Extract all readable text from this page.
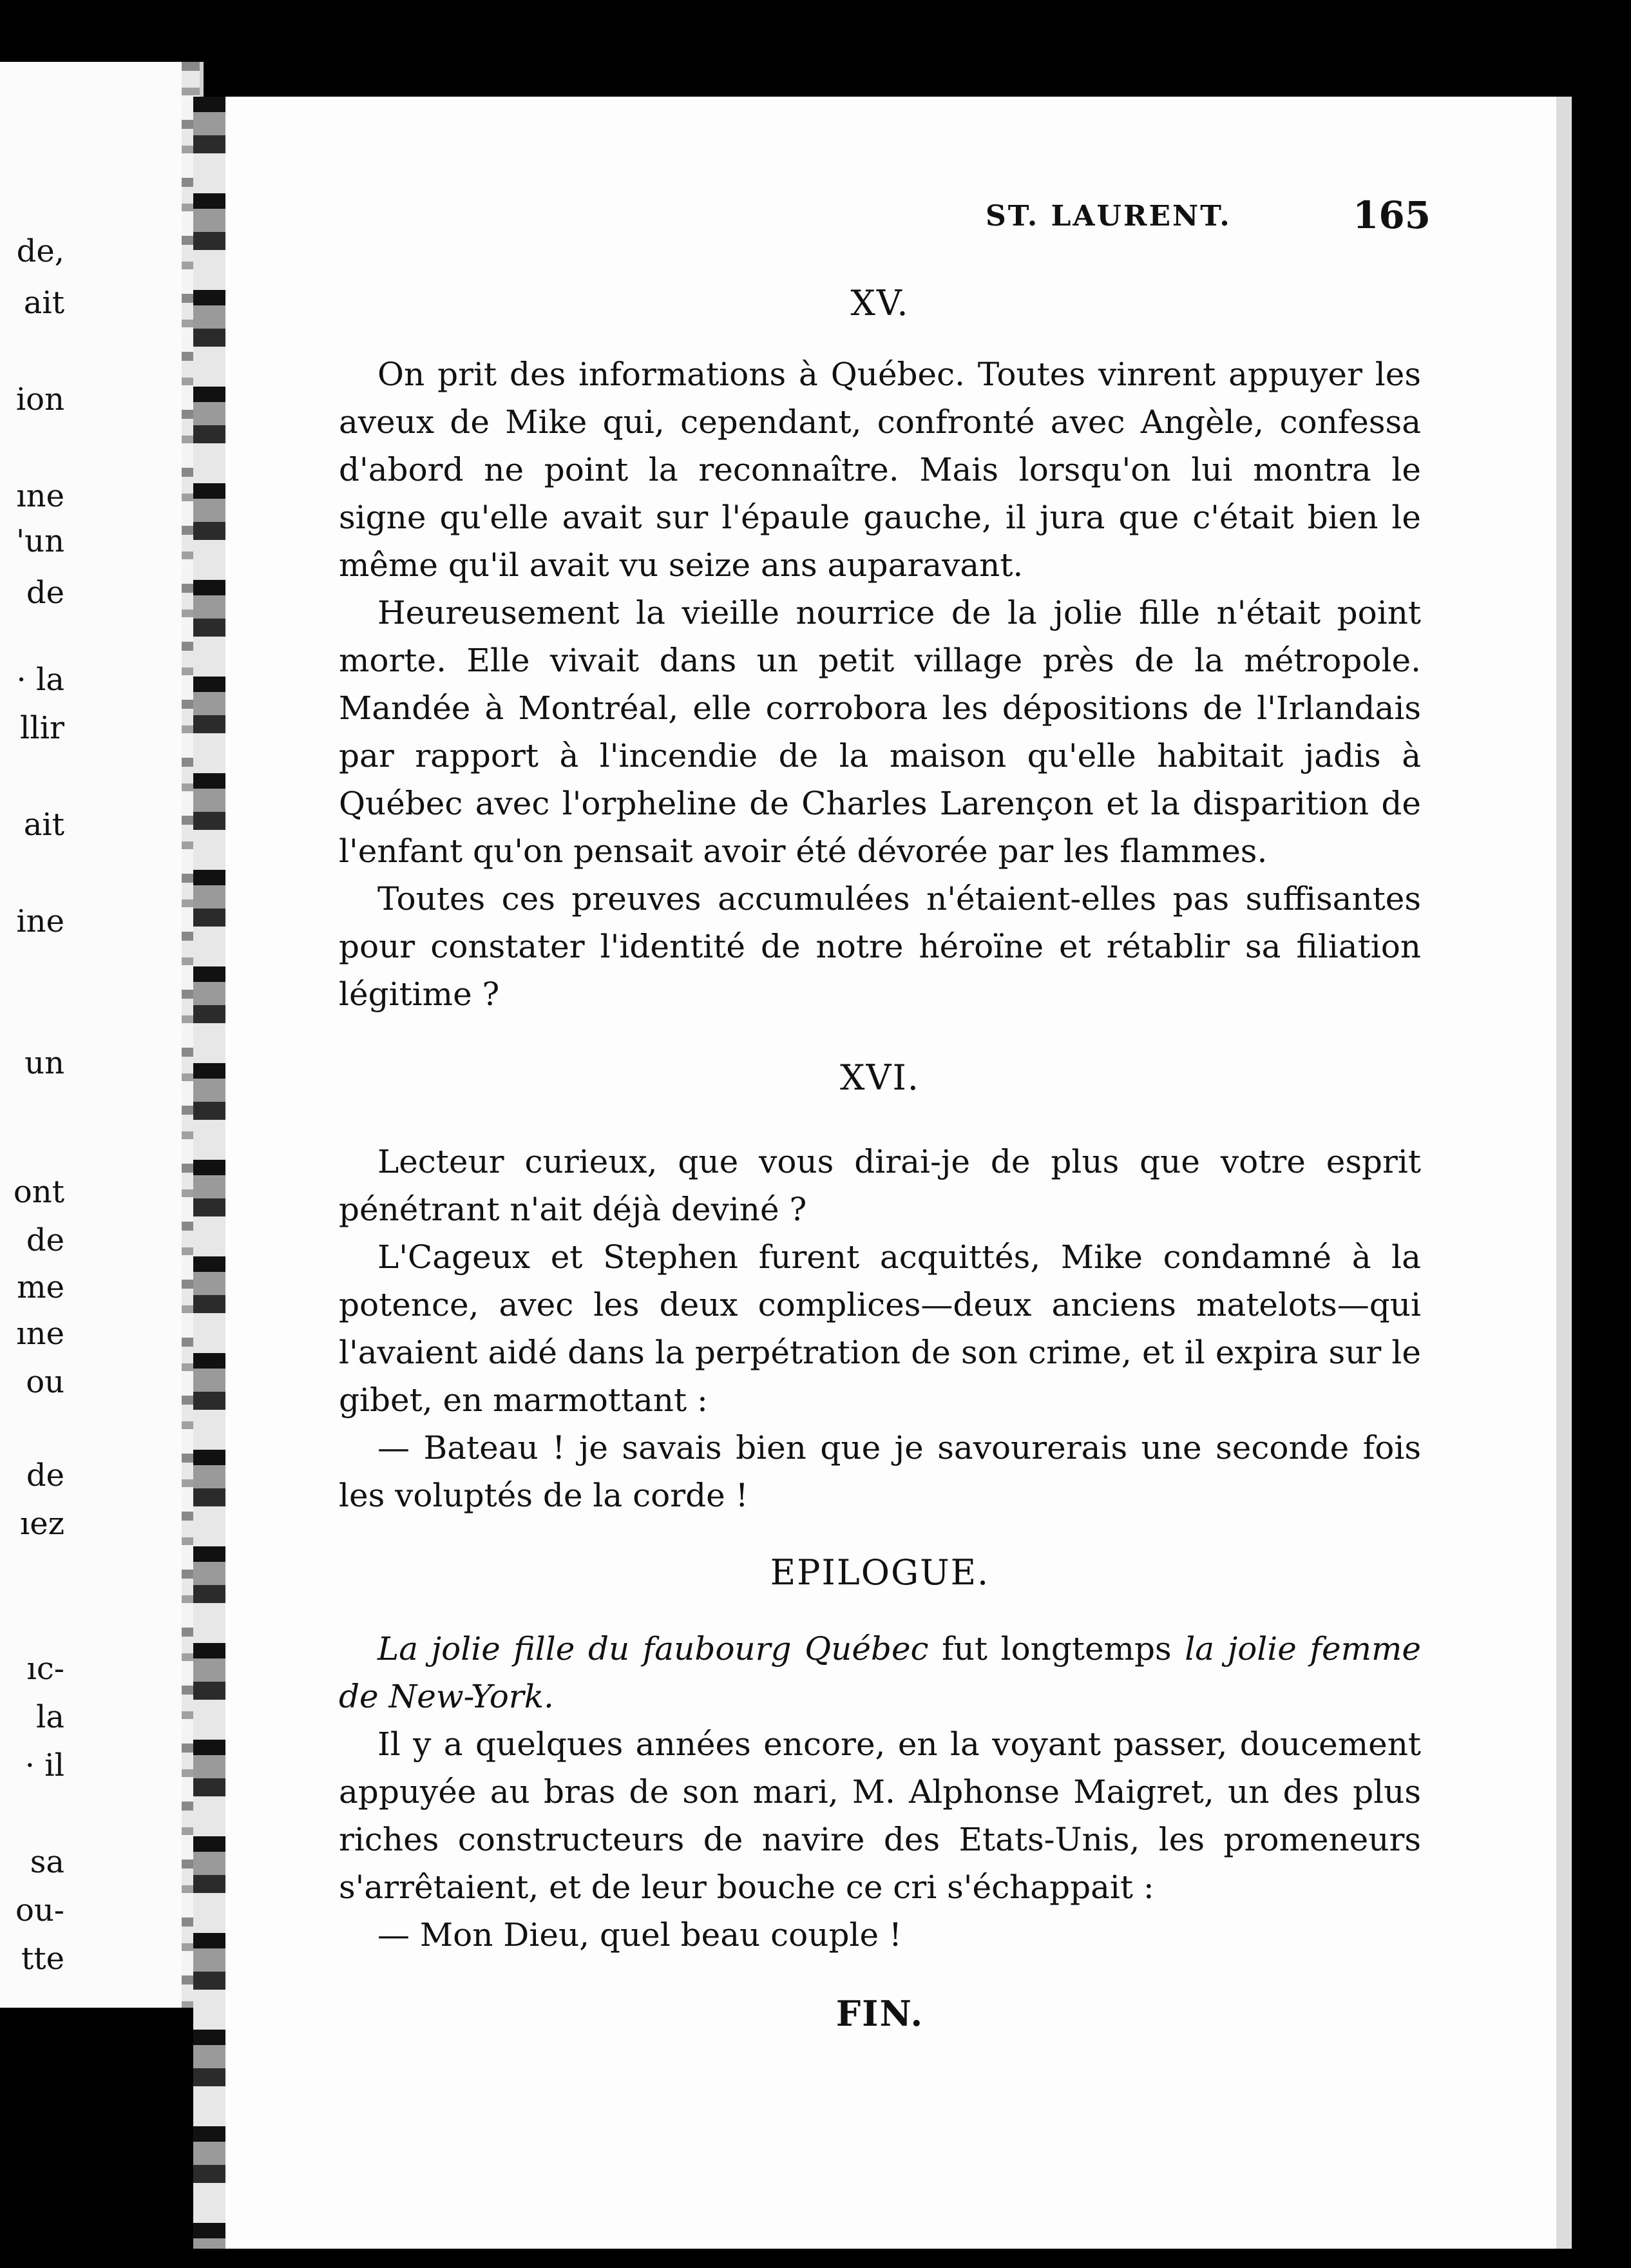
de,
ait
ion
ıne
'un
de
· la
llir
ait
ine
un
ont
de
me
ıne
ou
de
ıez
ıc-
la
· il
sa
ou-
tte
ST. LAURENT.	165
XV.

On prit des informations à Québec. Toutes vinrent appuyer les aveux de Mike qui, cependant, confronté avec Angèle, confessa d'abord ne point la reconnaître. Mais lorsqu'on lui montra le signe qu'elle avait sur l'épaule gauche, il jura que c'était bien le même qu'il avait vu seize ans auparavant.

Heureusement la vieille nourrice de la jolie fille n'était point morte. Elle vivait dans un petit village près de la métropole. Mandée à Montréal, elle corrobora les dépositions de l'Irlandais par rapport à l'incendie de la maison qu'elle habitait jadis à Québec avec l'orpheline de Charles Larençon et la disparition de l'enfant qu'on pensait avoir été dévorée par les flammes.

Toutes ces preuves accumulées n'étaient-elles pas suffisantes pour constater l'identité de notre héroïne et rétablir sa filiation légitime ?

XVI.

Lecteur curieux, que vous dirai-je de plus que votre esprit pénétrant n'ait déjà deviné ?

L'Cageux et Stephen furent acquittés, Mike condamné à la potence, avec les deux complices—deux anciens matelots—qui l'avaient aidé dans la perpétration de son crime, et il expira sur le gibet, en marmottant :

— Bateau ! je savais bien que je savourerais une seconde fois les voluptés de la corde !

EPILOGUE.

La jolie fille du faubourg Québec fut longtemps la jolie femme de New-York.

Il y a quelques années encore, en la voyant passer, doucement appuyée au bras de son mari, M. Alphonse Maigret, un des plus riches constructeurs de navire des Etats-Unis, les promeneurs s'arrêtaient, et de leur bouche ce cri s'échappait :

— Mon Dieu, quel beau couple !

FIN.
